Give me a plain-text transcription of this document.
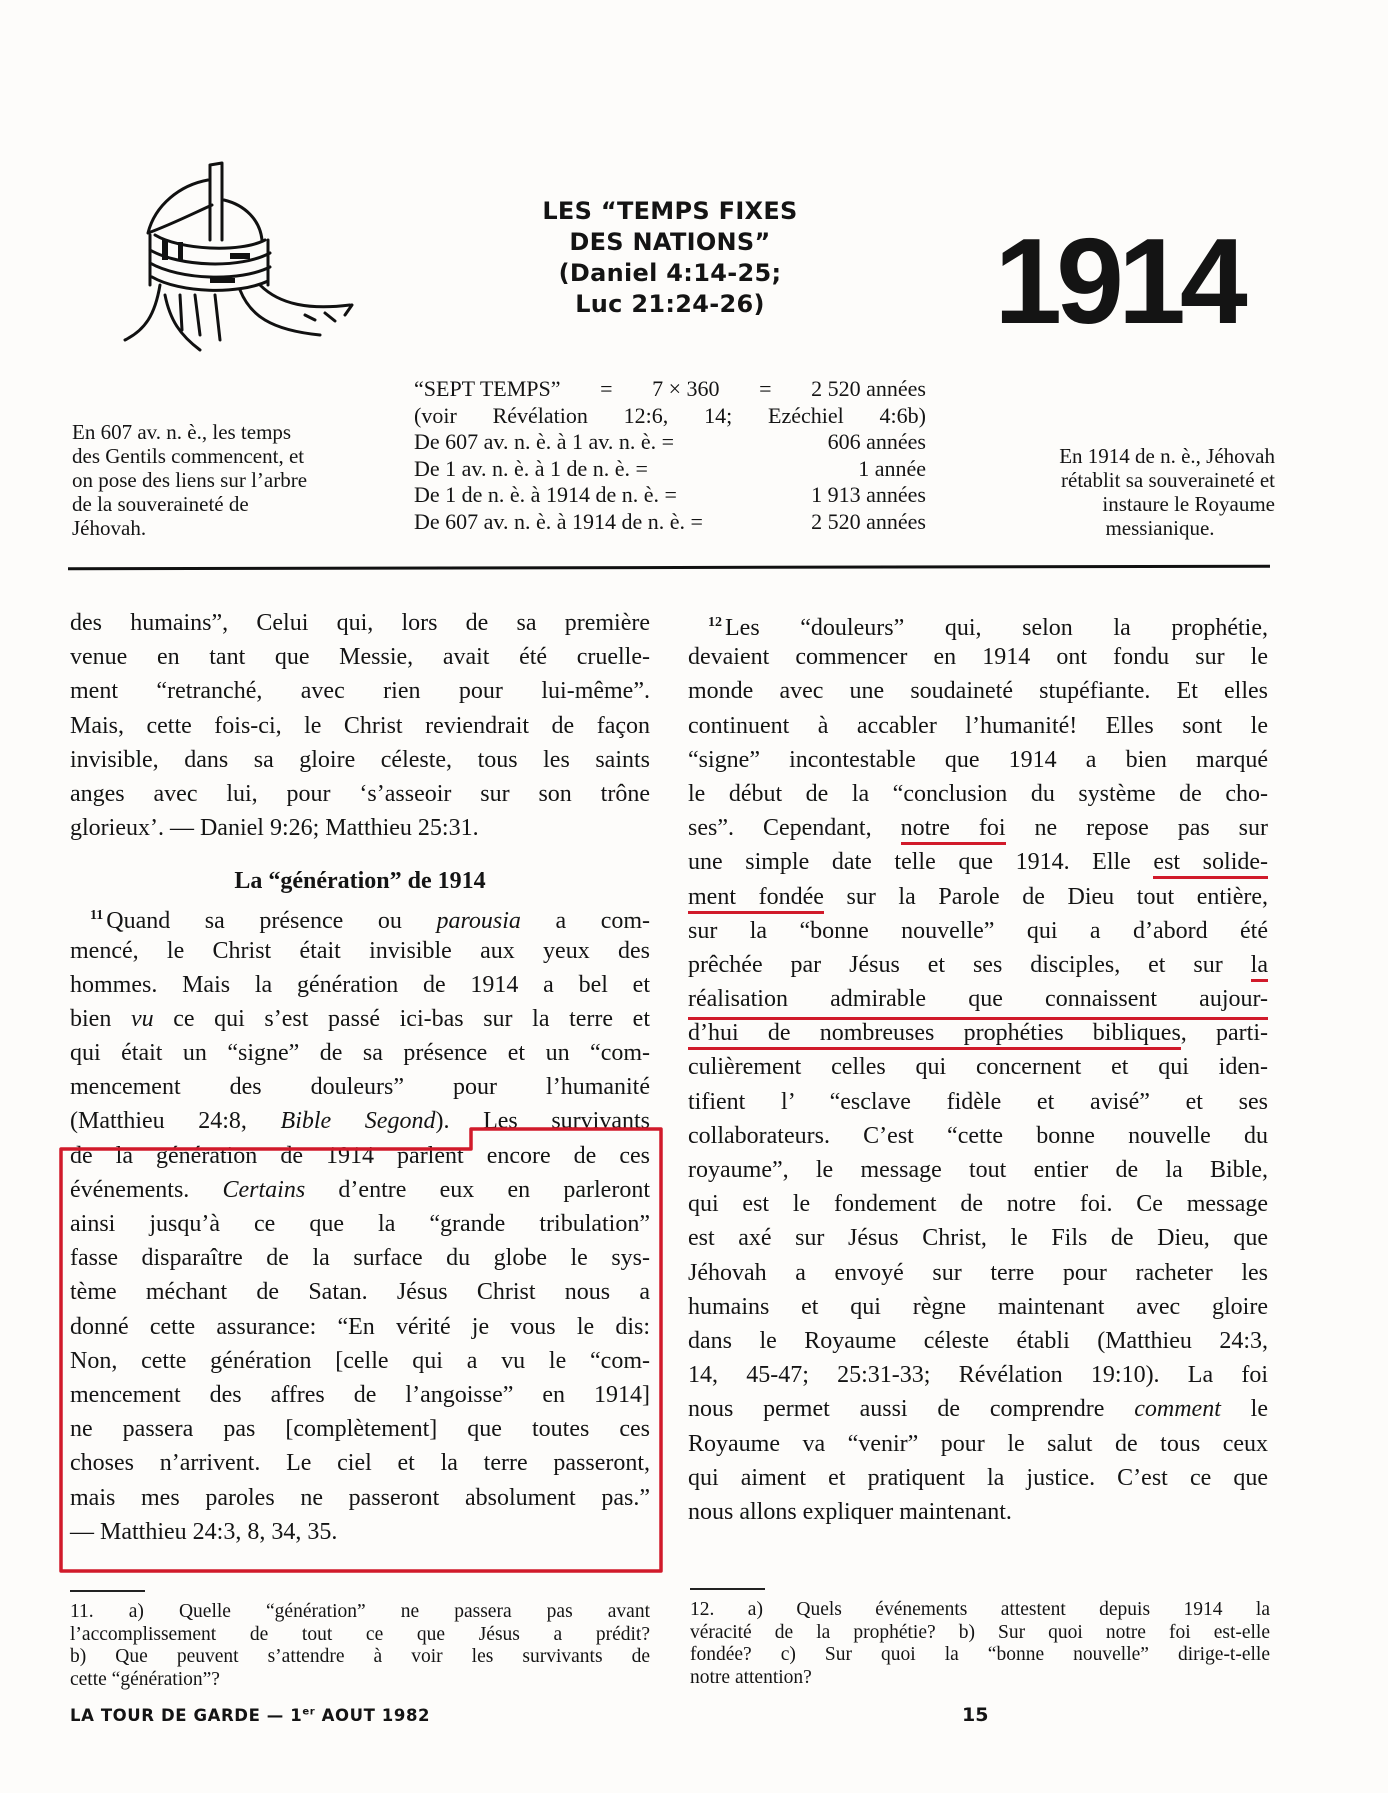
LES “TEMPS FIXES
DES NATIONS”
(Daniel 4:14-25;
Luc 21:24-26)	1914
En 607 av. n. è., les temps
des Gentils commencent, et
on pose des liens sur l’arbre
de la souveraineté de
Jéhovah.
“SEPT TEMPS” = 7 × 360 = 2 520 années
(voir Révélation 12:6, 14; Ezéchiel 4:6b)
De 607 av. n. è. à 1 av. n. è. =	606 années
De 1 av. n. è. à 1 de n. è. =	1 année
De 1 de n. è. à 1914 de n. è. =	1 913 années
De 607 av. n. è. à 1914 de n. è. =	2 520 années
En 1914 de n. è., Jéhovah
rétablit sa souveraineté et
instaure le Royaume
messianique.
des humains”, Celui qui, lors de sa première
venue en tant que Messie, avait été cruelle-
ment “retranché, avec rien pour lui-même”.
Mais, cette fois-ci, le Christ reviendrait de façon
invisible, dans sa gloire céleste, tous les saints
anges avec lui, pour ‘s’asseoir sur son trône
glorieux’. — Daniel 9:26; Matthieu 25:31.
La “génération” de 1914
$^{11}$ Quand sa présence ou parousia a com-
mencé, le Christ était invisible aux yeux des
hommes. Mais la génération de 1914 a bel et
bien vu ce qui s’est passé ici-bas sur la terre et
qui était un “signe” de sa présence et un “com-
mencement des douleurs” pour l’humanité
(Matthieu 24:8, Bible Segond). Les survivants
de la génération de 1914 parlent encore de ces
événements. Certains d’entre eux en parleront
ainsi jusqu’à ce que la “grande tribulation”
fasse disparaître de la surface du globe le sys-
tème méchant de Satan. Jésus Christ nous a
donné cette assurance: “En vérité je vous le dis:
Non, cette génération [celle qui a vu le “com-
mencement des affres de l’angoisse” en 1914]
ne passera pas [complètement] que toutes ces
choses n’arrivent. Le ciel et la terre passeront,
mais mes paroles ne passeront absolument pas.”
— Matthieu 24:3, 8, 34, 35.
$^{12}$ Les “douleurs” qui, selon la prophétie,
devaient commencer en 1914 ont fondu sur le
monde avec une soudaineté stupéfiante. Et elles
continuent à accabler l’humanité! Elles sont le
“signe” incontestable que 1914 a bien marqué
le début de la “conclusion du système de cho-
ses”. Cependant, notre foi ne repose pas sur
une simple date telle que 1914. Elle est solide-
ment fondée sur la Parole de Dieu tout entière,
sur la “bonne nouvelle” qui a d’abord été
prêchée par Jésus et ses disciples, et sur la
réalisation admirable que connaissent aujour-
d’hui de nombreuses prophéties bibliques, parti-
culièrement celles qui concernent et qui iden-
tifient l’ “esclave fidèle et avisé” et ses
collaborateurs. C’est “cette bonne nouvelle du
royaume”, le message tout entier de la Bible,
qui est le fondement de notre foi. Ce message
est axé sur Jésus Christ, le Fils de Dieu, que
Jéhovah a envoyé sur terre pour racheter les
humains et qui règne maintenant avec gloire
dans le Royaume céleste établi (Matthieu 24:3,
14, 45-47; 25:31-33; Révélation 19:10). La foi
nous permet aussi de comprendre comment le
Royaume va “venir” pour le salut de tous ceux
qui aiment et pratiquent la justice. C’est ce que
nous allons expliquer maintenant.
11. a) Quelle “génération” ne passera pas avant
l’accomplissement de tout ce que Jésus a prédit?
b) Que peuvent s’attendre à voir les survivants de
cette “génération”?
12. a) Quels événements attestent depuis 1914 la
véracité de la prophétie? b) Sur quoi notre foi est-elle
fondée? c) Sur quoi la “bonne nouvelle” dirige-t-elle
notre attention?
LA TOUR DE GARDE — 1er AOUT 1982	15
